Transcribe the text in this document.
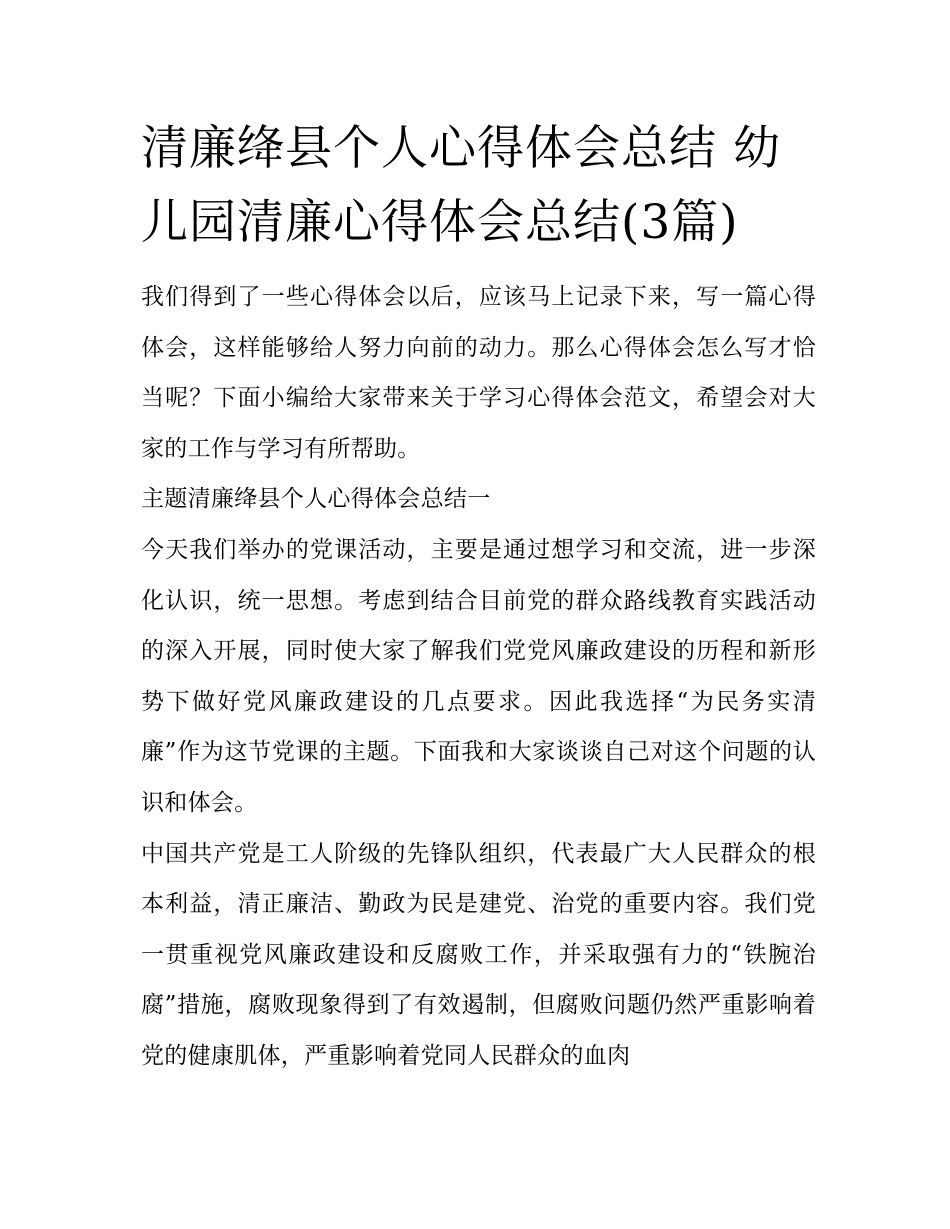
清廉绛县个人心得体会总结 幼儿园清廉心得体会总结(3篇)

我们得到了一些心得体会以后，应该马上记录下来，写一篇心得体会，这样能够给人努力向前的动力。那么心得体会怎么写才恰当呢？下面小编给大家带来关于学习心得体会范文，希望会对大家的工作与学习有所帮助。

主题清廉绛县个人心得体会总结一

今天我们举办的党课活动，主要是通过想学习和交流，进一步深化认识，统一思想。考虑到结合目前党的群众路线教育实践活动的深入开展，同时使大家了解我们党党风廉政建设的历程和新形势下做好党风廉政建设的几点要求。因此我选择“为民务实清廉”作为这节党课的主题。下面我和大家谈谈自己对这个问题的认识和体会。

中国共产党是工人阶级的先锋队组织，代表最广大人民群众的根本利益，清正廉洁、勤政为民是建党、治党的重要内容。我们党一贯重视党风廉政建设和反腐败工作，并采取强有力的“铁腕治腐”措施，腐败现象得到了有效遏制，但腐败问题仍然严重影响着党的健康肌体，严重影响着党同人民群众的血肉
